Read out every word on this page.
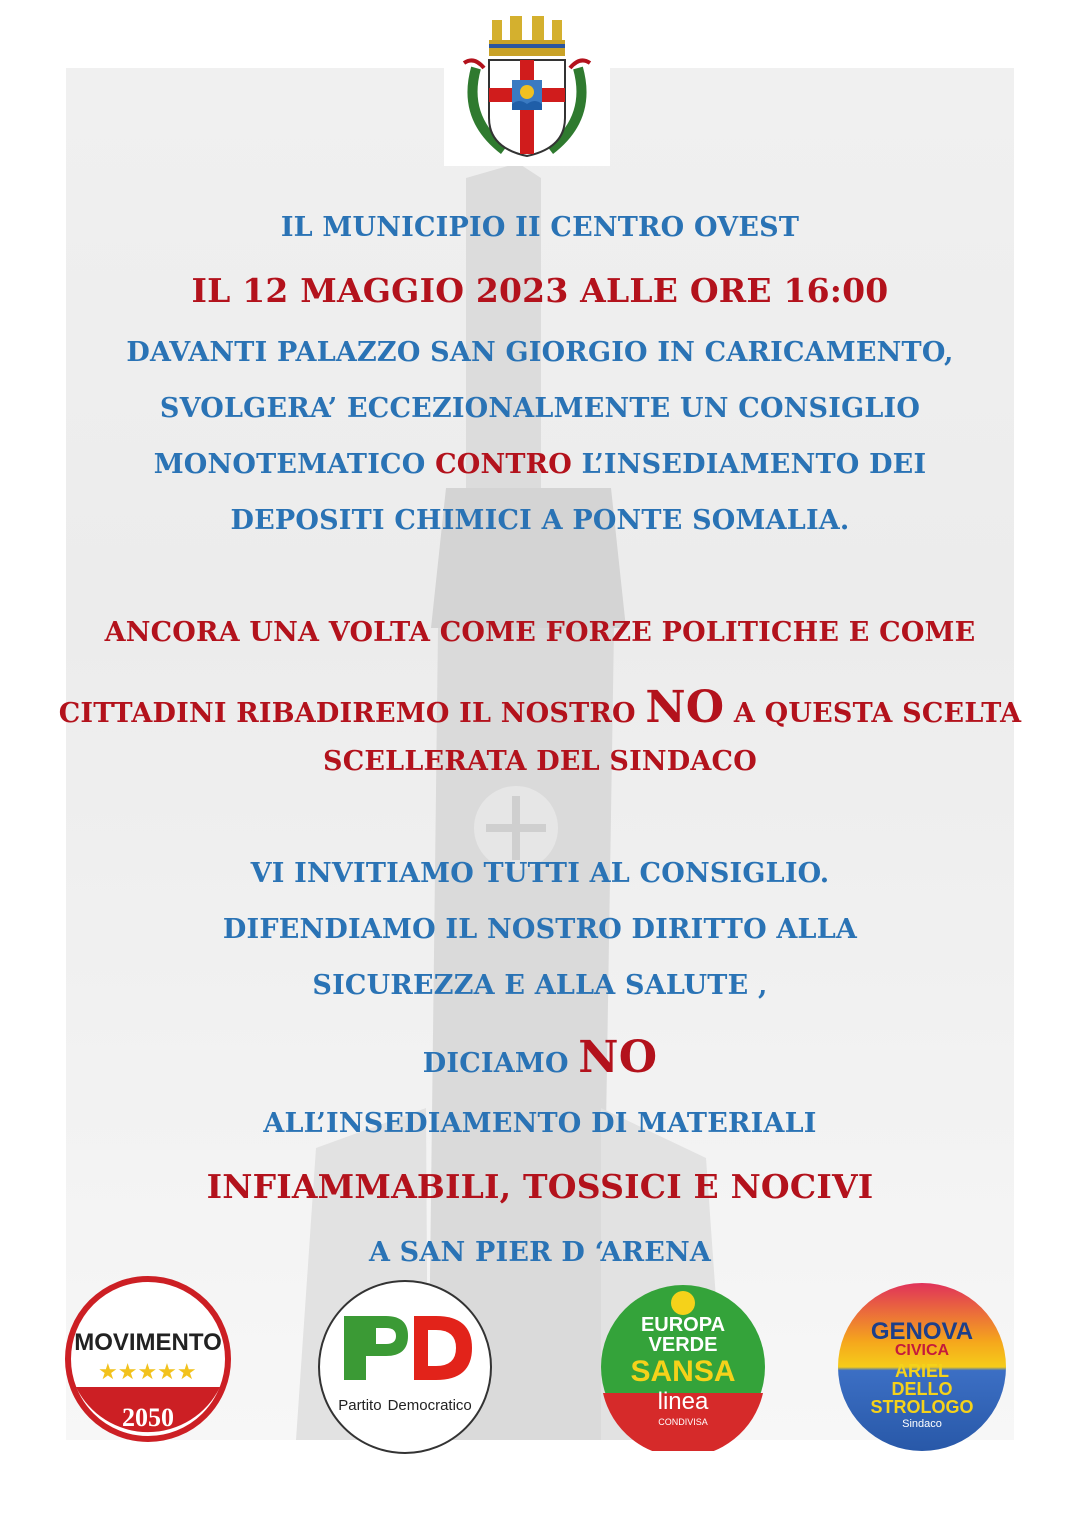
IL MUNICIPIO II CENTRO OVEST
IL 12 MAGGIO 2023 ALLE ORE 16:00
DAVANTI PALAZZO SAN GIORGIO IN CARICAMENTO,
SVOLGERA’ ECCEZIONALMENTE UN CONSIGLIO
MONOTEMATICO CONTRO L’INSEDIAMENTO DEI
DEPOSITI CHIMICI A PONTE SOMALIA.
ANCORA UNA VOLTA COME FORZE POLITICHE E COME
CITTADINI RIBADIREMO IL NOSTRO NO A QUESTA SCELTA
SCELLERATA DEL SINDACO
VI INVITIAMO TUTTI AL CONSIGLIO.
DIFENDIAMO IL NOSTRO DIRITTO ALLA
SICUREZZA E ALLA SALUTE ,
DICIAMO NO
ALL’INSEDIAMENTO DI MATERIALI
INFIAMMABILI, TOSSICI E NOCIVI
A SAN PIER D ‘ARENA
MOVIMENTO
★★★★★
2050	Partito Democratico
EUROPA
VERDE
SANSA
linea
CONDIVISA
GENOVA
CIVICA
ARIEL
DELLO
STROLOGO
Sindaco
